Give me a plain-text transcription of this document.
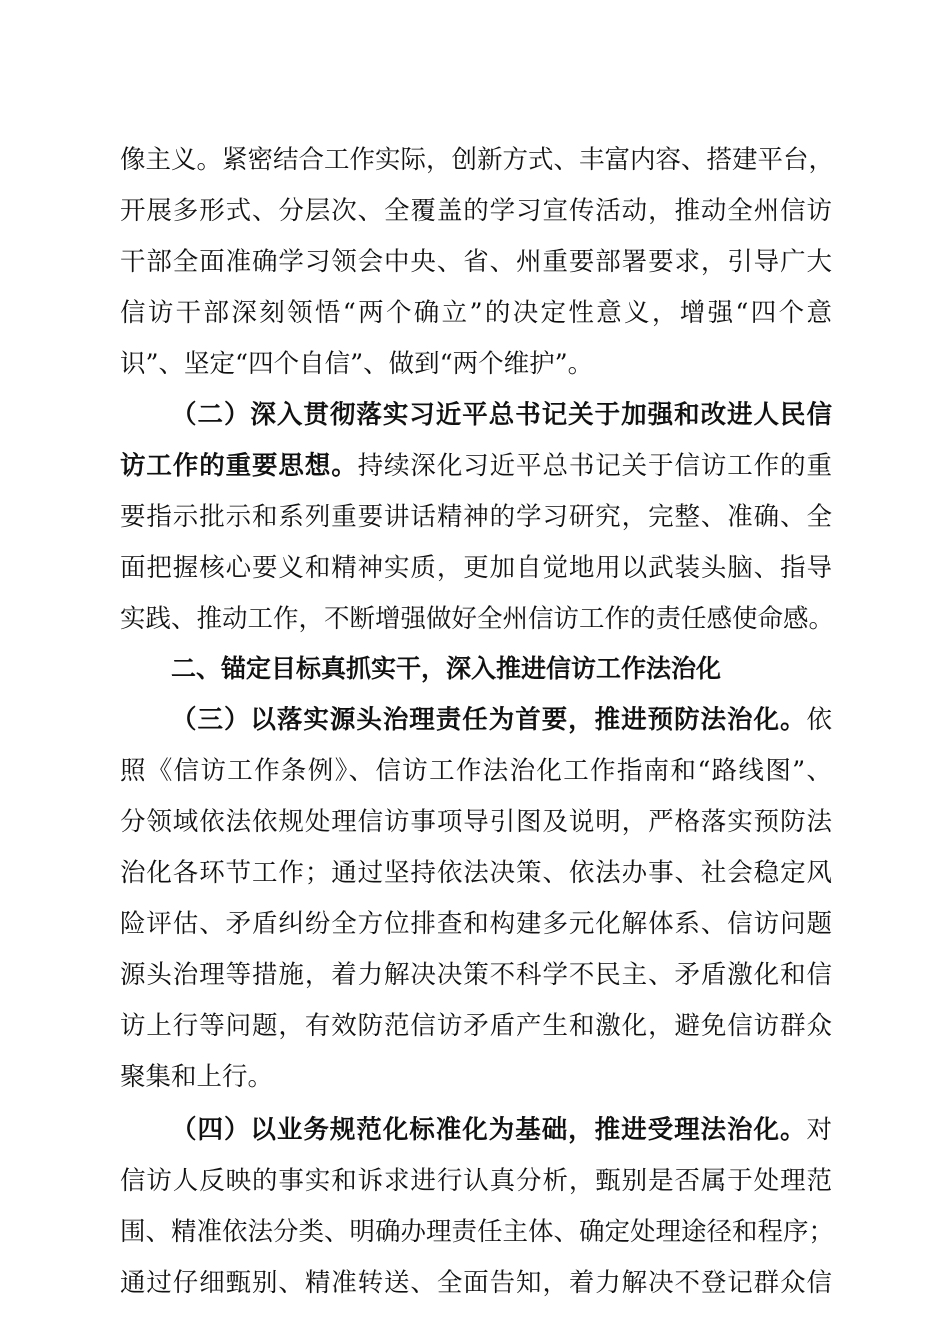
像主义。紧密结合工作实际，创新方式、丰富内容、搭建平台，
开展多形式、分层次、全覆盖的学习宣传活动，推动全州信访
干部全面准确学习领会中央、省、州重要部署要求，引导广大
信访干部深刻领悟“两个确立”的决定性意义，增强“四个意
识”、坚定“四个自信”、做到“两个维护”。
（二）深入贯彻落实习近平总书记关于加强和改进人民信
访工作的重要思想。持续深化习近平总书记关于信访工作的重
要指示批示和系列重要讲话精神的学习研究，完整、准确、全
面把握核心要义和精神实质，更加自觉地用以武装头脑、指导
实践、推动工作，不断增强做好全州信访工作的责任感使命感。
二、锚定目标真抓实干，深入推进信访工作法治化
（三）以落实源头治理责任为首要，推进预防法治化。依
照《信访工作条例》、信访工作法治化工作指南和“路线图”、
分领域依法依规处理信访事项导引图及说明，严格落实预防法
治化各环节工作；通过坚持依法决策、依法办事、社会稳定风
险评估、矛盾纠纷全方位排查和构建多元化解体系、信访问题
源头治理等措施，着力解决决策不科学不民主、矛盾激化和信
访上行等问题，有效防范信访矛盾产生和激化，避免信访群众
聚集和上行。
（四）以业务规范化标准化为基础，推进受理法治化。对
信访人反映的事实和诉求进行认真分析，甄别是否属于处理范
围、精准依法分类、明确办理责任主体、确定处理途径和程序；
通过仔细甄别、精准转送、全面告知，着力解决不登记群众信
